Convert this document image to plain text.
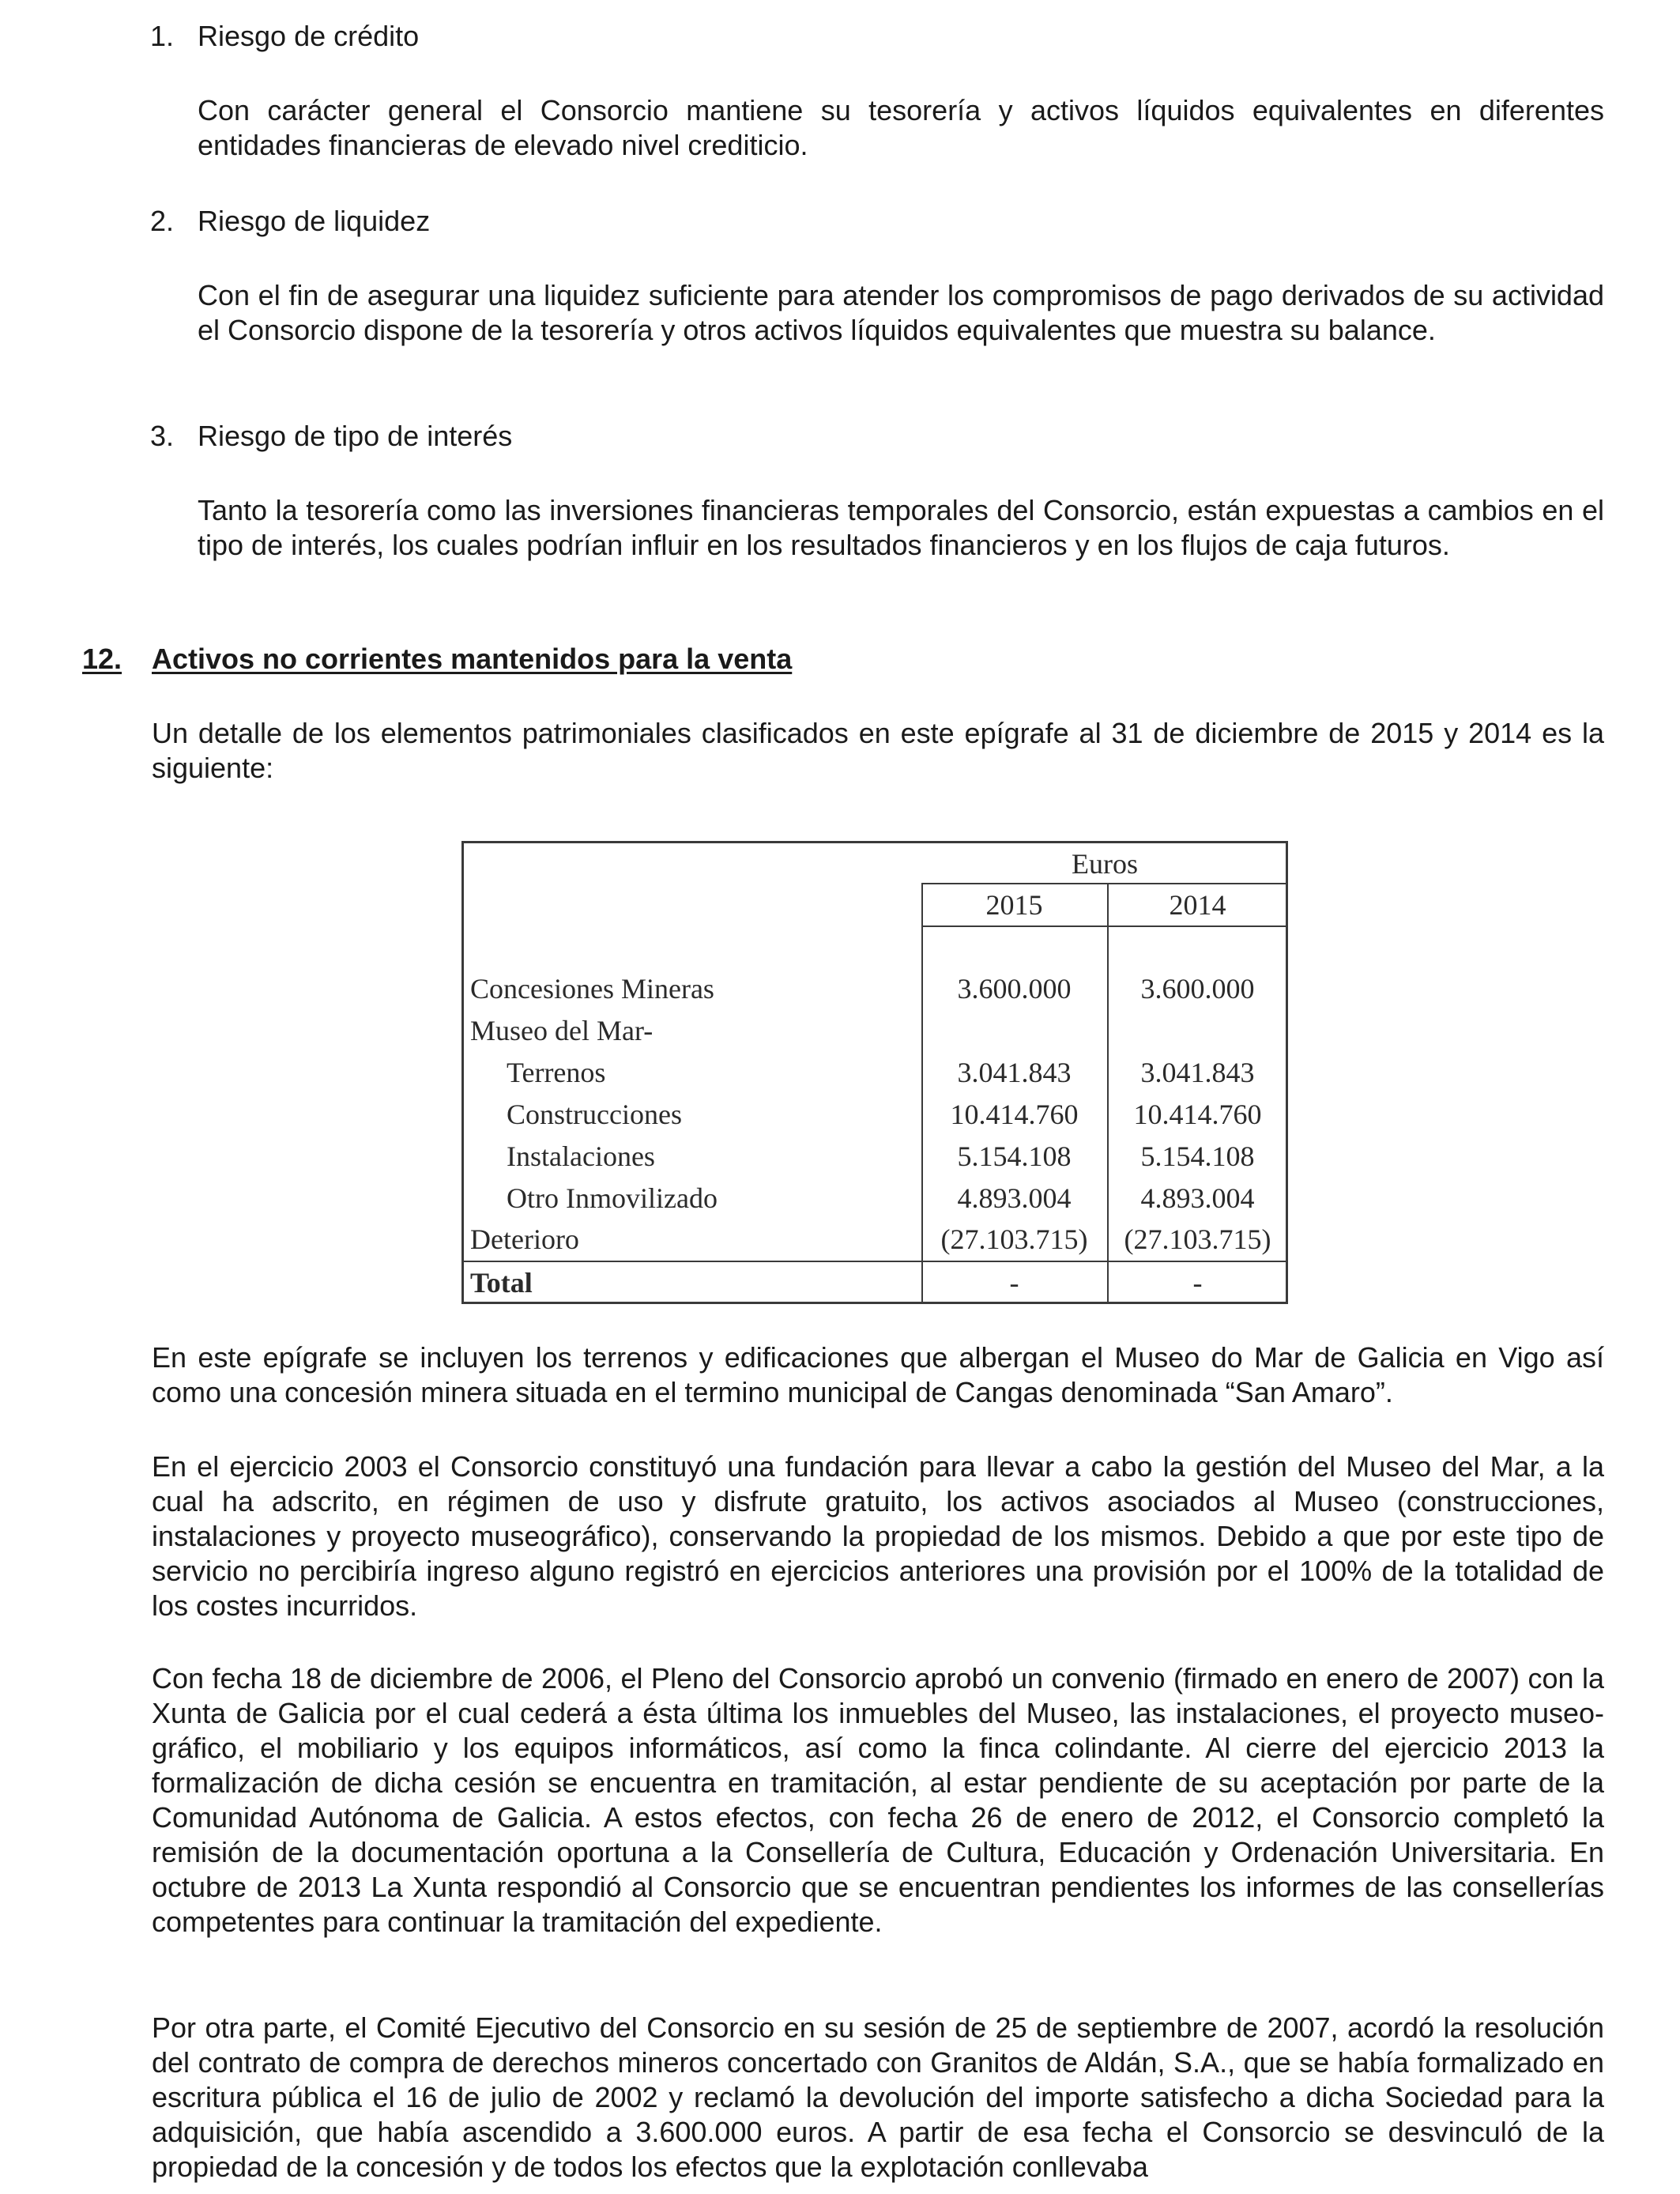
1. Riesgo de crédito
Con carácter general el Consorcio mantiene su tesorería y activos líquidos equivalentes en diferentes entidades financieras de elevado nivel crediticio.
2. Riesgo de liquidez
Con el fin de asegurar una liquidez suficiente para atender los compromisos de pago derivados de su actividad el Consorcio dispone de la tesorería y otros activos líquidos equivalentes que muestra su balance.
3. Riesgo de tipo de interés
Tanto la tesorería como las inversiones financieras temporales del Consorcio, están expuestas a cambios en el tipo de interés, los cuales podrían influir en los resultados financieros y en los flujos de caja futuros.
12. Activos no corrientes mantenidos para la venta
Un detalle de los elementos patrimoniales clasificados en este epígrafe al 31 de diciembre de 2015 y 2014 es la siguiente:
Euros
2015	2014
Concesiones Mineras	3.600.000	3.600.000
Museo del Mar-
Terrenos	3.041.843	3.041.843
Construcciones	10.414.760	10.414.760
Instalaciones	5.154.108	5.154.108
Otro Inmovilizado	4.893.004	4.893.004
Deterioro	(27.103.715)	(27.103.715)
Total	-	-
En este epígrafe se incluyen los terrenos y edificaciones que albergan el Museo do Mar de Galicia en Vigo así como una concesión minera situada en el termino municipal de Cangas denominada “San Amaro”.
En el ejercicio 2003 el Consorcio constituyó una fundación para llevar a cabo la gestión del Museo del Mar, a la cual ha adscrito, en régimen de uso y disfrute gratuito, los activos asociados al Museo (construcciones, instalaciones y proyecto museográfico), conservando la propiedad de los mismos. Debido a que por este tipo de servicio no percibiría ingreso alguno registró en ejercicios anteriores una provisión por el 100% de la totalidad de los costes incurridos.
Con fecha 18 de diciembre de 2006, el Pleno del Consorcio aprobó un convenio (firmado en enero de 2007) con la Xunta de Galicia por el cual cederá a ésta última los inmuebles del Museo, las instalaciones, el proyecto museo-gráfico, el mobiliario y los equipos informáticos, así como la finca colindante. Al cierre del ejercicio 2013 la formalización de dicha cesión se encuentra en tramitación, al estar pendiente de su aceptación por parte de la Comunidad Autónoma de Galicia. A estos efectos, con fecha 26 de enero de 2012, el Consorcio completó la remisión de la documentación oportuna a la Consellería de Cultura, Educación y Ordenación Universitaria. En octubre de 2013 La Xunta respondió al Consorcio que se encuentran pendientes los informes de las consellerías competentes para continuar la tramitación del expediente.
Por otra parte, el Comité Ejecutivo del Consorcio en su sesión de 25 de septiembre de 2007, acordó la resolución del contrato de compra de derechos mineros concertado con Granitos de Aldán, S.A., que se había formalizado en escritura pública el 16 de julio de 2002 y reclamó la devolución del importe satisfecho a dicha Sociedad para la adquisición, que había ascendido a 3.600.000 euros. A partir de esa fecha el Consorcio se desvinculó de la propiedad de la concesión y de todos los efectos que la explotación conllevaba
